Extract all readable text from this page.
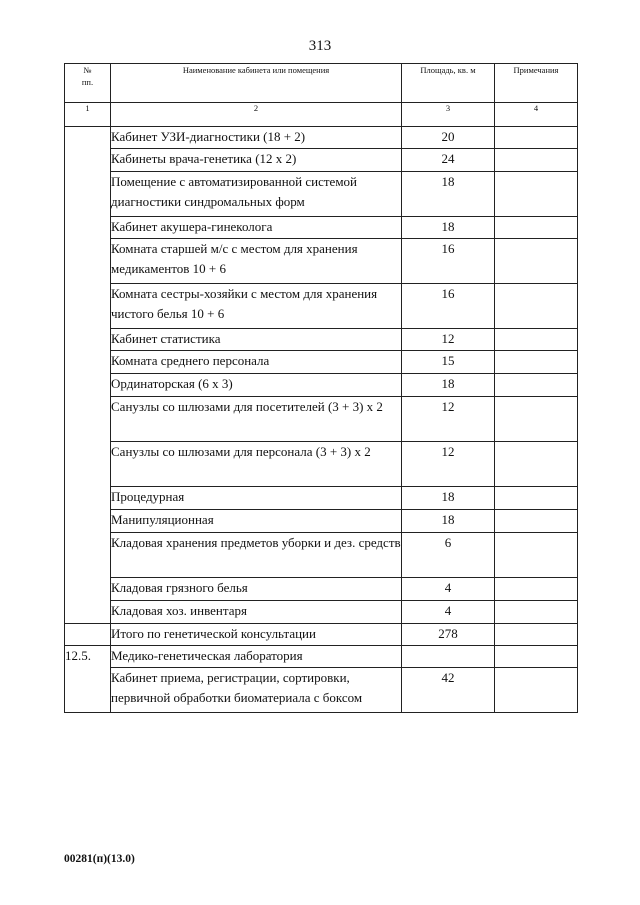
313
№
пп.	Наименование кабинета или помещения	Площадь, кв. м	Примечания
1	2	3	4
	Кабинет УЗИ-диагностики (18 + 2)	20	
	Кабинеты врача-генетика (12 x 2)	24	
	Помещение с автоматизированной системой диагностики синдромальных форм	18	
	Кабинет акушера-гинеколога	18	
	Комната старшей м/с с местом для хранения медикаментов 10 + 6	16	
	Комната сестры-хозяйки с местом для хранения чистого белья 10 + 6	16	
	Кабинет статистика	12	
	Комната среднего персонала	15	
	Ординаторская (6 x 3)	18	
	Санузлы со шлюзами для посетителей (3 + 3) x 2	12	
	Санузлы со шлюзами для персонала (3 + 3) x 2	12	
	Процедурная	18	
	Манипуляционная	18	
	Кладовая хранения предметов уборки и дез. средств	6	
	Кладовая грязного белья	4	
	Кладовая хоз. инвентаря	4	
	Итого по генетической консультации	278	
12.5.	Медико-генетическая лаборатория		
	Кабинет приема, регистрации, сортировки, первичной обработки биоматериала с боксом	42	
00281(п)(13.0)
